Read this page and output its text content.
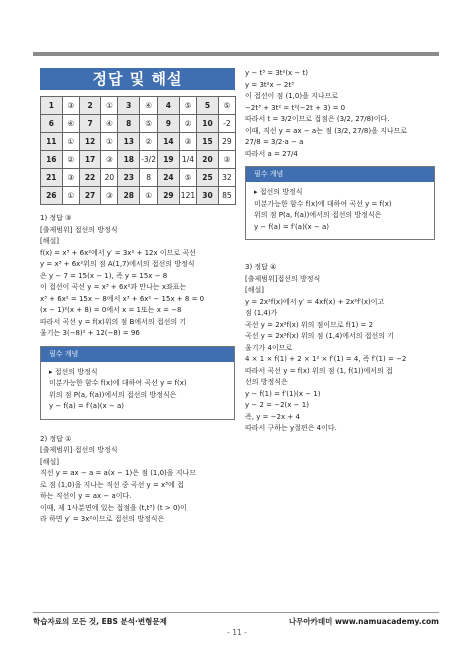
정답 및 해설
1	③	2	①	3	④	4	⑤	5	⑤
6	④	7	④	8	⑤	9	②	10	-2
11	①	12	①	13	②	14	③	15	29
16	②	17	③	18	-3/2	19	1/4	20	③
21	③	22	20	23	8	24	⑤	25	32
26	①	27	③	28	①	29	121	30	85
1) 정답 ③
[출제범위] 접선의 방정식
[해설]
f(x) = x³ + 6x²에서 y′ = 3x² + 12x 이므로 곡선
y = x³ + 6x²위의 점 A(1,7)에서의 접선의 방정식
은 y − 7 = 15(x − 1), 즉 y = 15x − 8
이 접선이 곡선 y = x³ + 6x²과 만나는 x좌표는
x³ + 6x² = 15x − 8에서 x³ + 6x² − 15x + 8 = 0
(x − 1)²(x + 8) = 0에서 x = 1또는 x = −8
따라서 곡선 y = f(x)위의 점 B에서의 접선의 기
울기는 3(−8)² + 12(−8) = 96
필수 개념
▸ 접선의 방정식
미분가능한 함수 f(x)에 대하여 곡선 y = f(x)
위의 점 P(a, f(a))에서의 접선의 방정식은
y − f(a) = f′(a)(x − a)
2) 정답 ①
[출제범위] 접선의 방정식
[해설]
직선 y = ax − a = a(x − 1)은 점 (1,0)을 지나므
로 점 (1,0)을 지나는 직선 중 곡선 y = x³에 접
하는 직선이 y = ax − a이다.
이때, 제 1사분면에 있는 접점을 (t,t³) (t > 0)이
라 하면 y′ = 3x²이므로 접선의 방정식은
y − t³ = 3t²(x − t)
y = 3t²x − 2t³
이 접선이 점 (1,0)을 지나므로
−2t³ + 3t² = t²(−2t + 3) = 0
따라서 t = 3/2이므로 접점은 (3/2, 27/8)이다.
이때, 직선 y = ax − a는 점 (3/2, 27/8)을 지나므로
27/8 = 3/2·a − a
따라서 a = 27/4
필수 개념
▸ 접선의 방정식
미분가능한 함수 f(x)에 대하여 곡선 y = f(x)
위의 점 P(a, f(a))에서의 접선의 방정식은
y − f(a) = f′(a)(x − a)
3) 정답 ④
[출제범위]접선의 방정식
[해설]
y = 2x²f(x)에서 y′ = 4xf(x) + 2x²f′(x)이고
점 (1,4)가
곡선 y = 2x²f(x) 위의 점이므로 f(1) = 2
곡선 y = 2x²f(x) 위의 점 (1,4)에서의 접선의 기
울기가 4이므로
4 × 1 × f(1) + 2 × 1² × f′(1) = 4, 즉 f′(1) = −2
따라서 곡선 y = f(x) 위의 점 (1, f(1))에서의 접
선의 방정식은
y − f(1) = f′(1)(x − 1)
y − 2 = −2(x − 1)
즉, y = −2x + 4
따라서 구하는 y절편은 4이다.
학습자료의 모든 것, EBS 분석·변형문제	나무아카데미 www.namuacademy.com
- 11 -
